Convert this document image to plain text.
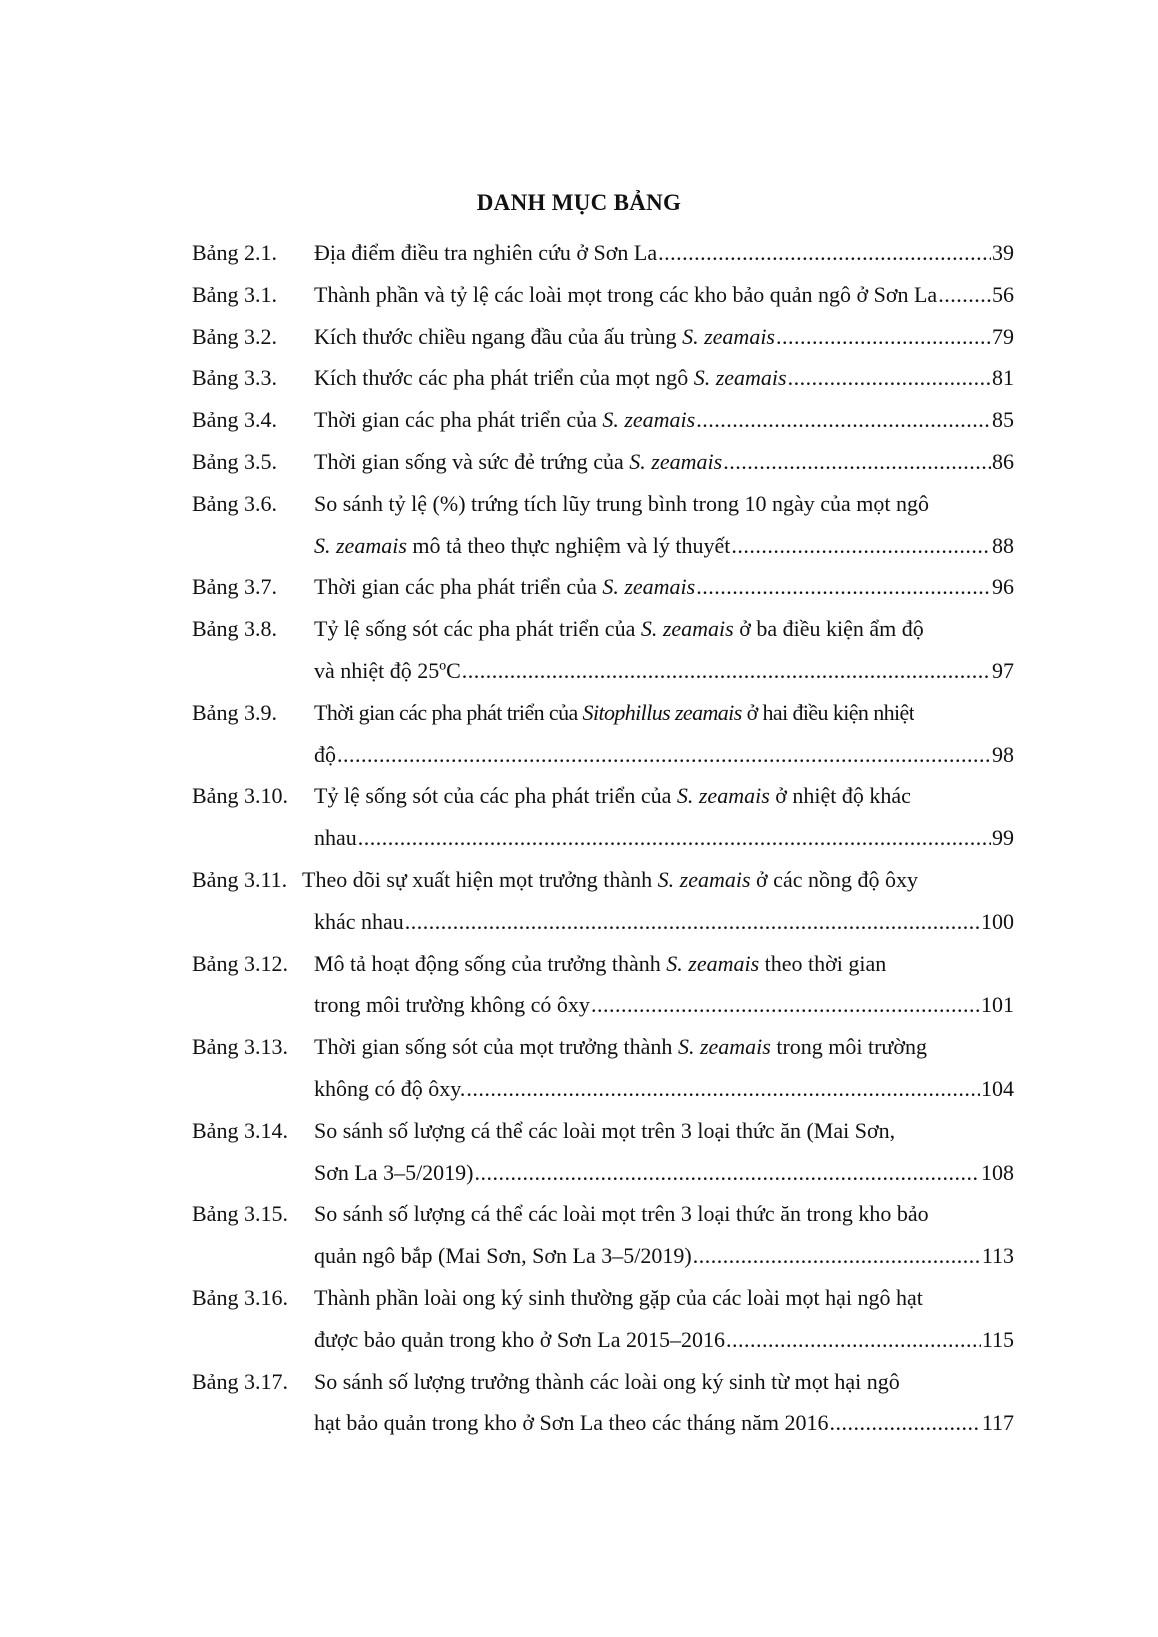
DANH MỤC BẢNG
Bảng 2.1.	Địa điểm điều tra nghiên cứu ở Sơn La .....	39
Bảng 3.1.	Thành phần và tỷ lệ các loài mọt trong các kho bảo quản ngô ở Sơn La ..... 56
Bảng 3.2.	Kích thước chiều ngang đầu của ấu trùng S. zeamais .....	79
Bảng 3.3.	Kích thước các pha phát triển của mọt ngô S. zeamais .....	81
Bảng 3.4.	Thời gian các pha phát triển của S. zeamais .....	85
Bảng 3.5.	Thời gian sống và sức đẻ trứng của S. zeamais .....	86
Bảng 3.6.	So sánh tỷ lệ (%) trứng tích lũy trung bình trong 10 ngày của mọt ngô
S. zeamais mô tả theo thực nghiệm và lý thuyết .....	88
Bảng 3.7.	Thời gian các pha phát triển của S. zeamais .....	96
Bảng 3.8.	Tỷ lệ sống sót các pha phát triển của S. zeamais ở ba điều kiện ẩm độ
và nhiệt độ 25ºC .....	97
Bảng 3.9.	Thời gian các pha phát triển của Sitophillus zeamais ở hai điều kiện nhiệt
độ .....	98
Bảng 3.10.	Tỷ lệ sống sót của các pha phát triển của S. zeamais ở nhiệt độ khác
nhau .....	99
Bảng 3.11. Theo dõi sự xuất hiện mọt trưởng thành S. zeamais ở các nồng độ ôxy
khác nhau .....	100
Bảng 3.12.	Mô tả hoạt động sống của trưởng thành S. zeamais theo thời gian
trong môi trường không có ôxy .....	101
Bảng 3.13.	Thời gian sống sót của mọt trưởng thành S. zeamais trong môi trường
không có độ ôxy. .....	104
Bảng 3.14.	So sánh số lượng cá thể các loài mọt trên 3 loại thức ăn (Mai Sơn,
Sơn La 3–5/2019) .....	108
Bảng 3.15.	So sánh số lượng cá thể các loài mọt trên 3 loại thức ăn trong kho bảo
quản ngô bắp (Mai Sơn, Sơn La 3–5/2019) .....	113
Bảng 3.16.	Thành phần loài ong ký sinh thường gặp của các loài mọt hại ngô hạt
được bảo quản trong kho ở Sơn La 2015–2016 .....	115
Bảng 3.17.	So sánh số lượng trưởng thành các loài ong ký sinh từ mọt hại ngô
hạt bảo quản trong kho ở Sơn La theo các tháng năm 2016 .....	117
